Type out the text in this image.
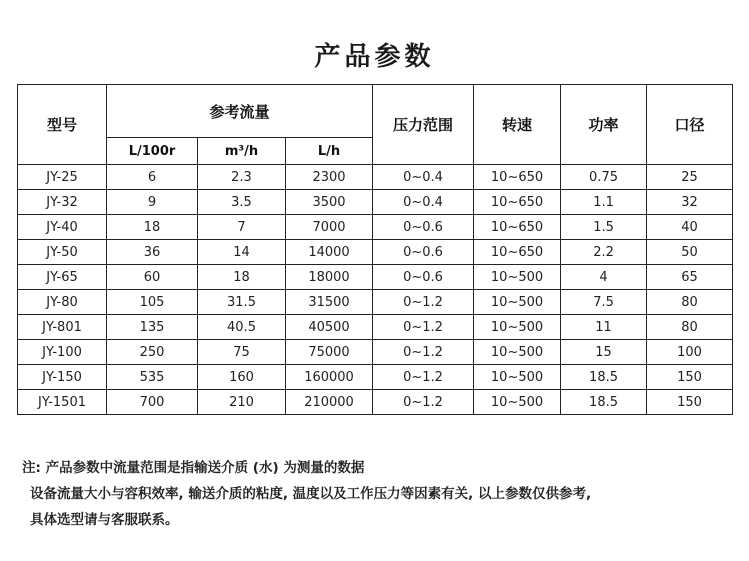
产品参数
型号	参考流量			压力范围	转速	功率	口径
	L/100r	m³/h	L/h				
JY-25	6	2.3	2300	0~0.4	10~650	0.75	25
JY-32	9	3.5	3500	0~0.4	10~650	1.1	32
JY-40	18	7	7000	0~0.6	10~650	1.5	40
JY-50	36	14	14000	0~0.6	10~650	2.2	50
JY-65	60	18	18000	0~0.6	10~500	4	65
JY-80	105	31.5	31500	0~1.2	10~500	7.5	80
JY-801	135	40.5	40500	0~1.2	10~500	11	80
JY-100	250	75	75000	0~1.2	10~500	15	100
JY-150	535	160	160000	0~1.2	10~500	18.5	150
JY-1501	700	210	210000	0~1.2	10~500	18.5	150

注: 产品参数中流量范围是指输送介质 (水) 为测量的数据

设备流量大小与容积效率, 输送介质的粘度, 温度以及工作压力等因素有关, 以上参数仅供参考,

具体选型请与客服联系。
